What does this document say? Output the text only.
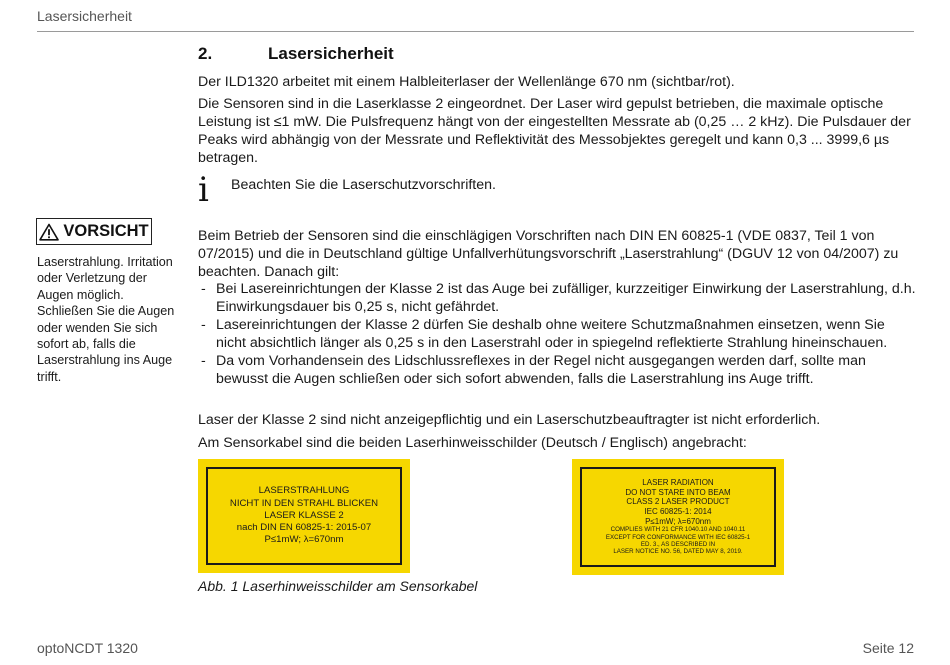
Lasersicherheit
2.	Lasersicherheit

Der ILD1320 arbeitet mit einem Halbleiterlaser der Wellenlänge 670 nm (sichtbar/rot).

Die Sensoren sind in die Laserklasse 2 eingeordnet. Der Laser wird gepulst betrieben, die maximale optische Leistung ist ≤1 mW. Die Pulsfrequenz hängt von der eingestellten Messrate ab (0,25 … 2 kHz). Die Pulsdauer der Peaks wird abhängig von der Messrate und Reflektivität des Messobjektes geregelt und kann 0,3 ... 3999,6 µs betragen.

i Beachten Sie die Laserschutzvorschriften.
VORSICHT
Laserstrahlung. Irritation oder Verletzung der Augen möglich. Schließen Sie die Augen oder wenden Sie sich sofort ab, falls die Laserstrahlung ins Auge trifft.

Beim Betrieb der Sensoren sind die einschlägigen Vorschriften nach DIN EN 60825-1 (VDE 0837, Teil 1 von 07/2015) und die in Deutschland gültige Unfallverhütungsvorschrift „Laserstrahlung“ (DGUV 12 von 04/2007) zu beachten. Danach gilt:

- Bei Lasereinrichtungen der Klasse 2 ist das Auge bei zufälliger, kurzzeitiger Einwirkung der Laserstrahlung, d.h. Einwirkungsdauer bis 0,25 s, nicht gefährdet.
- Lasereinrichtungen der Klasse 2 dürfen Sie deshalb ohne weitere Schutzmaßnahmen einsetzen, wenn Sie nicht absichtlich länger als 0,25 s in den Laserstrahl oder in spiegelnd reflektierte Strahlung hineinschauen.
- Da vom Vorhandensein des Lidschlussreflexes in der Regel nicht ausgegangen werden darf, sollte man bewusst die Augen schließen oder sich sofort abwenden, falls die Laserstrahlung ins Auge trifft.

Laser der Klasse 2 sind nicht anzeigepflichtig und ein Laserschutzbeauftragter ist nicht erforderlich.

Am Sensorkabel sind die beiden Laserhinweisschilder (Deutsch / Englisch) angebracht:

LASERSTRAHLUNG
NICHT IN DEN STRAHL BLICKEN
LASER KLASSE 2
nach DIN EN 60825-1: 2015-07
P≤1mW; λ=670nm
LASER RADIATION
DO NOT STARE INTO BEAM
CLASS 2 LASER PRODUCT
IEC 60825-1: 2014
P≤1mW; λ=670nm
COMPLIES WITH 21 CFR 1040.10 AND 1040.11
EXCEPT FOR CONFORMANCE WITH IEC 60825-1
ED. 3., AS DESCRIBED IN
LASER NOTICE NO. 56, DATED MAY 8, 2019.
Abb. 1 Laserhinweisschilder am Sensorkabel
optoNCDT 1320	Seite 12
